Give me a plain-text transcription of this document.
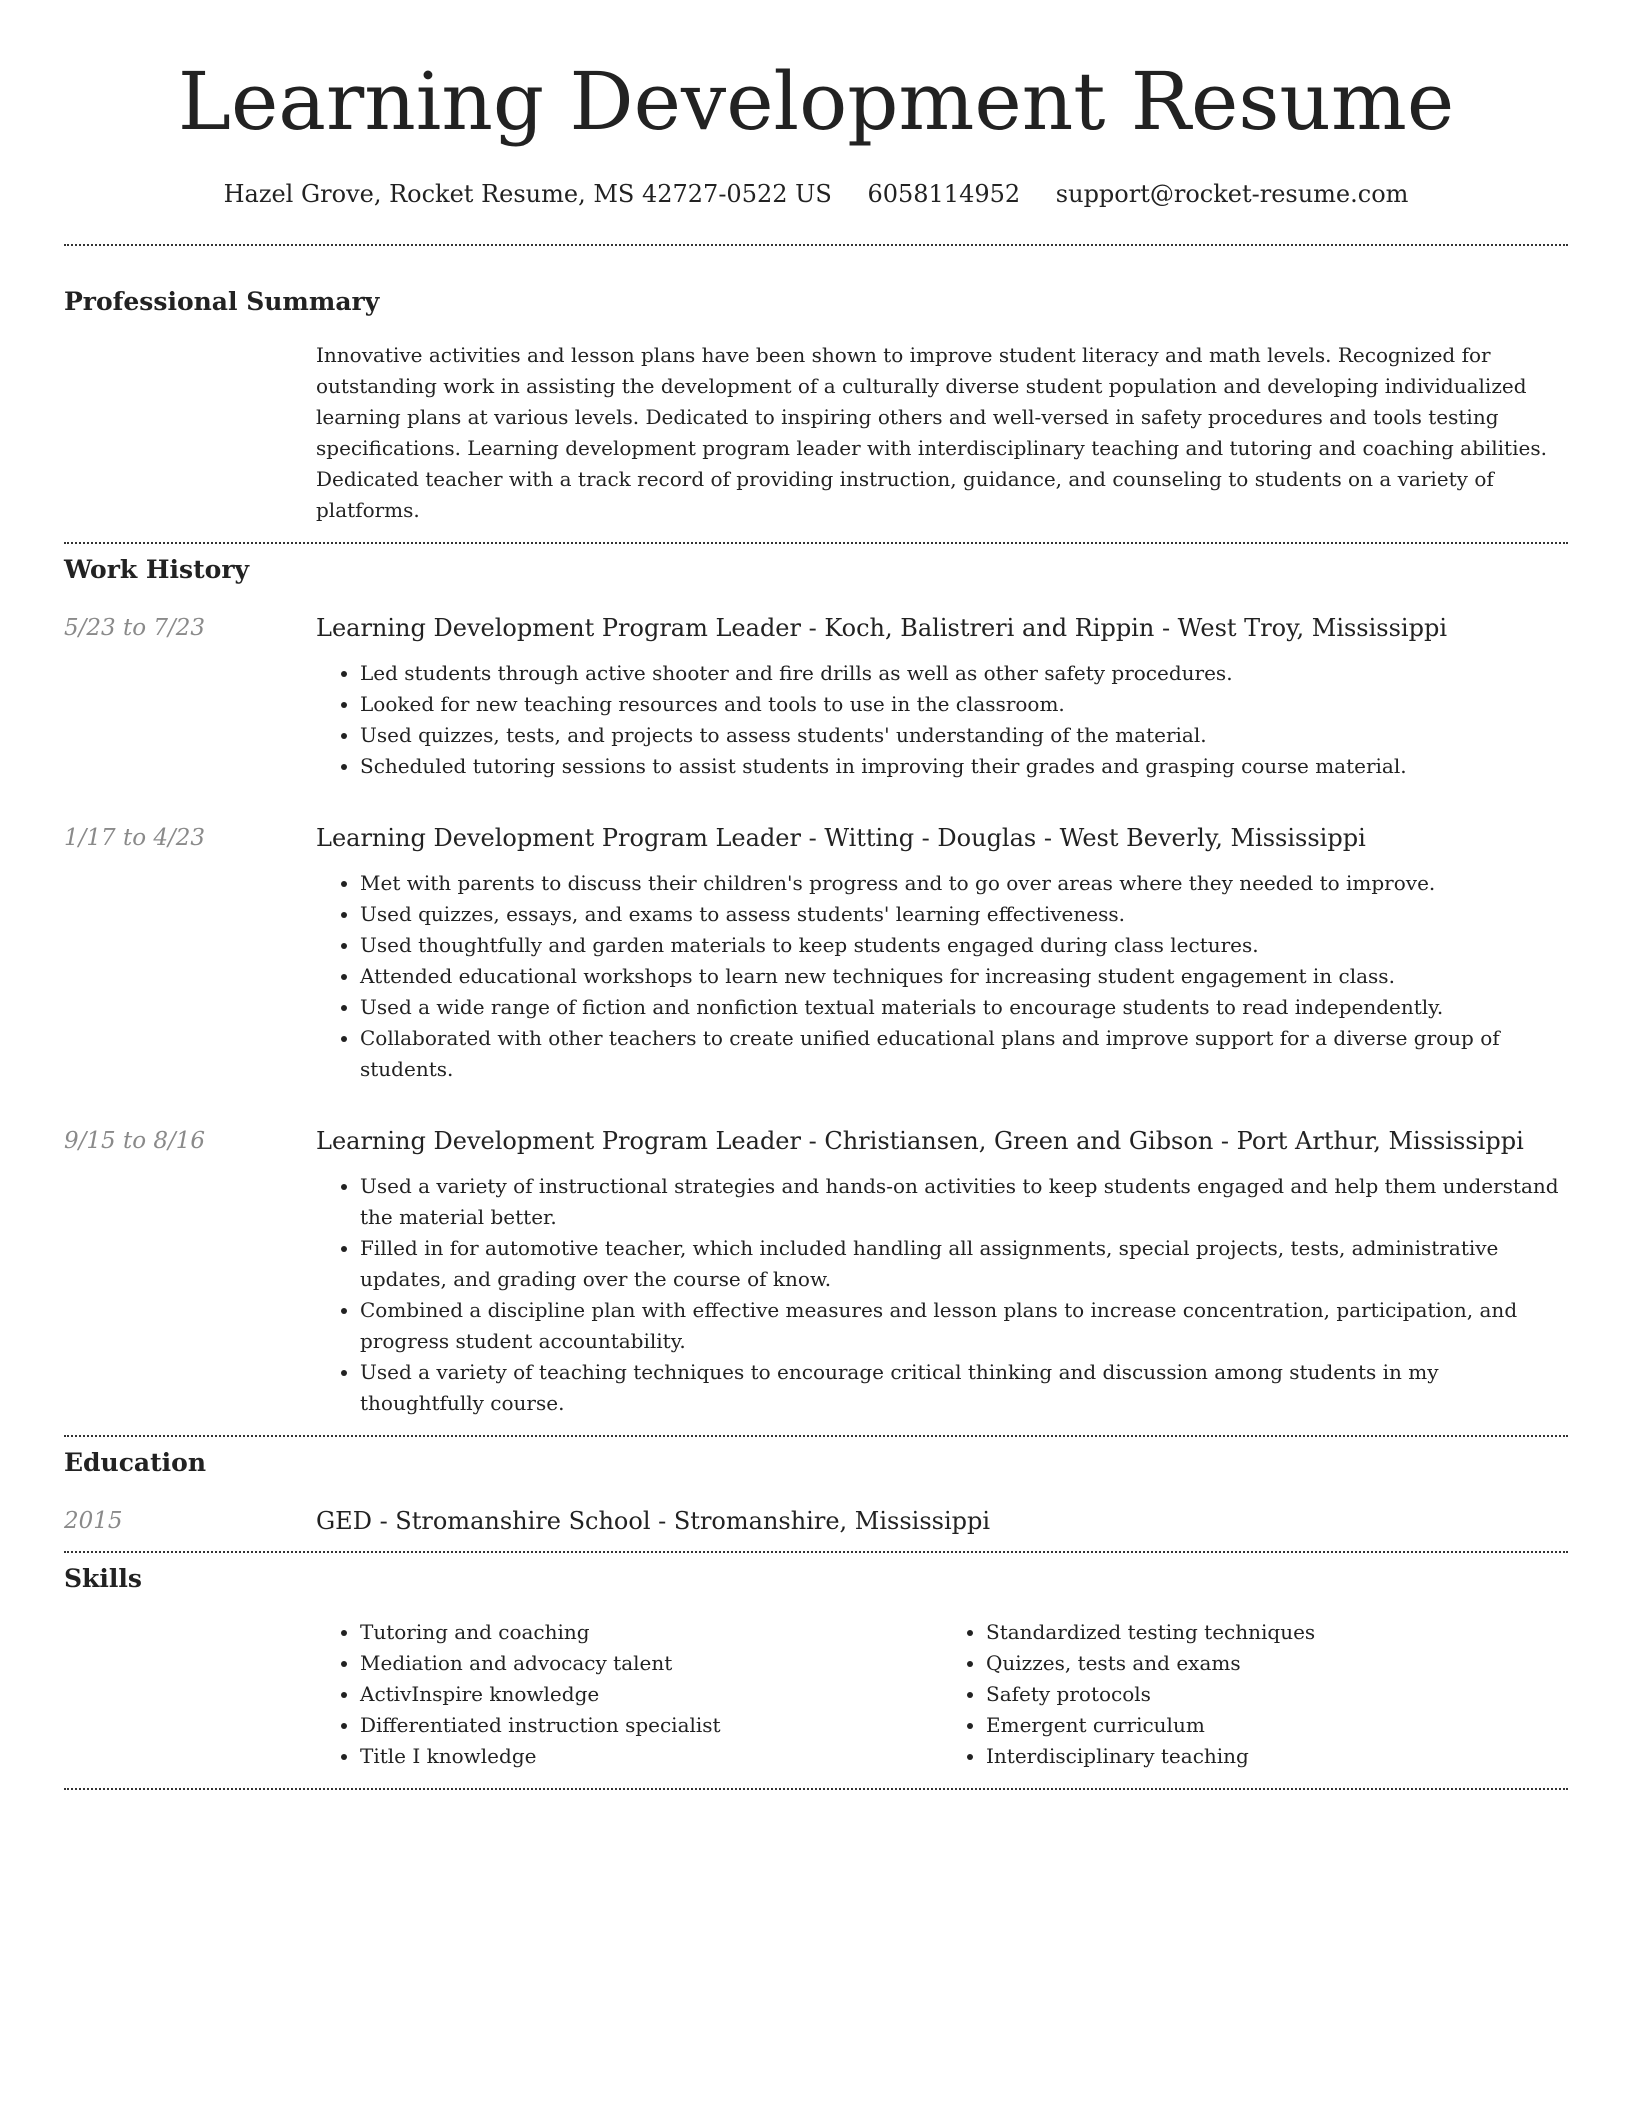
Learning Development Resume
Hazel Grove, Rocket Resume, MS 42727-0522 US 6058114952 support@rocket-resume.com
Professional Summary

Innovative activities and lesson plans have been shown to improve student literacy and math levels. Recognized for outstanding work in assisting the development of a culturally diverse student population and developing individualized learning plans at various levels. Dedicated to inspiring others and well-versed in safety procedures and tools testing specifications. Learning development program leader with interdisciplinary teaching and tutoring and coaching abilities. Dedicated teacher with a track record of providing instruction, guidance, and counseling to students on a variety of platforms.

Work History
5/23 to 7/23	Learning Development Program Leader - Koch, Balistreri and Rippin - West Troy, Mississippi
• Led students through active shooter and fire drills as well as other safety procedures.
• Looked for new teaching resources and tools to use in the classroom.
• Used quizzes, tests, and projects to assess students' understanding of the material.
• Scheduled tutoring sessions to assist students in improving their grades and grasping course material.
1/17 to 4/23	Learning Development Program Leader - Witting - Douglas - West Beverly, Mississippi
• Met with parents to discuss their children's progress and to go over areas where they needed to improve.
• Used quizzes, essays, and exams to assess students' learning effectiveness.
• Used thoughtfully and garden materials to keep students engaged during class lectures.
• Attended educational workshops to learn new techniques for increasing student engagement in class.
• Used a wide range of fiction and nonfiction textual materials to encourage students to read independently.
• Collaborated with other teachers to create unified educational plans and improve support for a diverse group of students.
9/15 to 8/16	Learning Development Program Leader - Christiansen, Green and Gibson - Port Arthur, Mississippi
• Used a variety of instructional strategies and hands-on activities to keep students engaged and help them understand the material better.
• Filled in for automotive teacher, which included handling all assignments, special projects, tests, administrative updates, and grading over the course of know.
• Combined a discipline plan with effective measures and lesson plans to increase concentration, participation, and progress student accountability.
• Used a variety of teaching techniques to encourage critical thinking and discussion among students in my thoughtfully course.
Education
2015	GED - Stromanshire School - Stromanshire, Mississippi
Skills
• Tutoring and coaching
• Mediation and advocacy talent
• ActivInspire knowledge
• Differentiated instruction specialist
• Title I knowledge
• Standardized testing techniques
• Quizzes, tests and exams
• Safety protocols
• Emergent curriculum
• Interdisciplinary teaching
